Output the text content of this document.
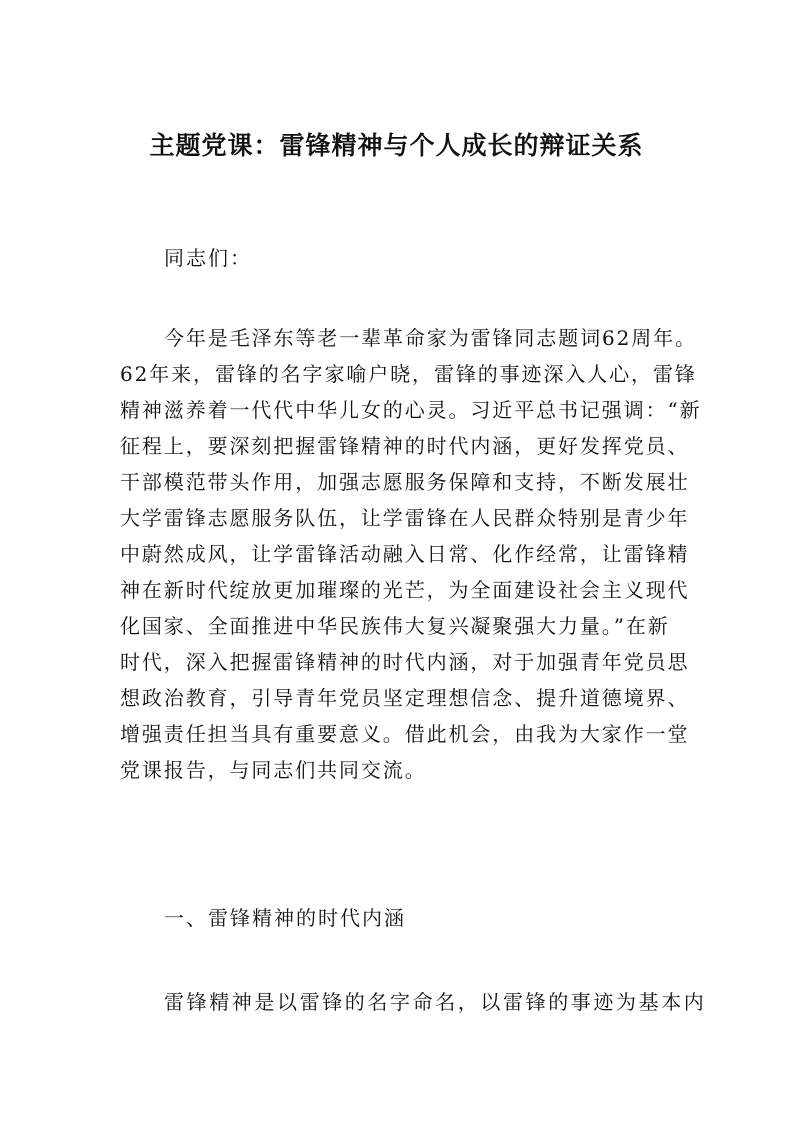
主题党课：雷锋精神与个人成长的辩证关系
同志们：
今年是毛泽东等老一辈革命家为雷锋同志题词62周年。
62年来，雷锋的名字家喻户晓，雷锋的事迹深入人心，雷锋
精神滋养着一代代中华儿女的心灵。习近平总书记强调：“新
征程上，要深刻把握雷锋精神的时代内涵，更好发挥党员、
干部模范带头作用，加强志愿服务保障和支持，不断发展壮
大学雷锋志愿服务队伍，让学雷锋在人民群众特别是青少年
中蔚然成风，让学雷锋活动融入日常、化作经常，让雷锋精
神在新时代绽放更加璀璨的光芒，为全面建设社会主义现代
化国家、全面推进中华民族伟大复兴凝聚强大力量。”在新
时代，深入把握雷锋精神的时代内涵，对于加强青年党员思
想政治教育，引导青年党员坚定理想信念、提升道德境界、
增强责任担当具有重要意义。借此机会，由我为大家作一堂
党课报告，与同志们共同交流。
一、雷锋精神的时代内涵
雷锋精神是以雷锋的名字命名，以雷锋的事迹为基本内
